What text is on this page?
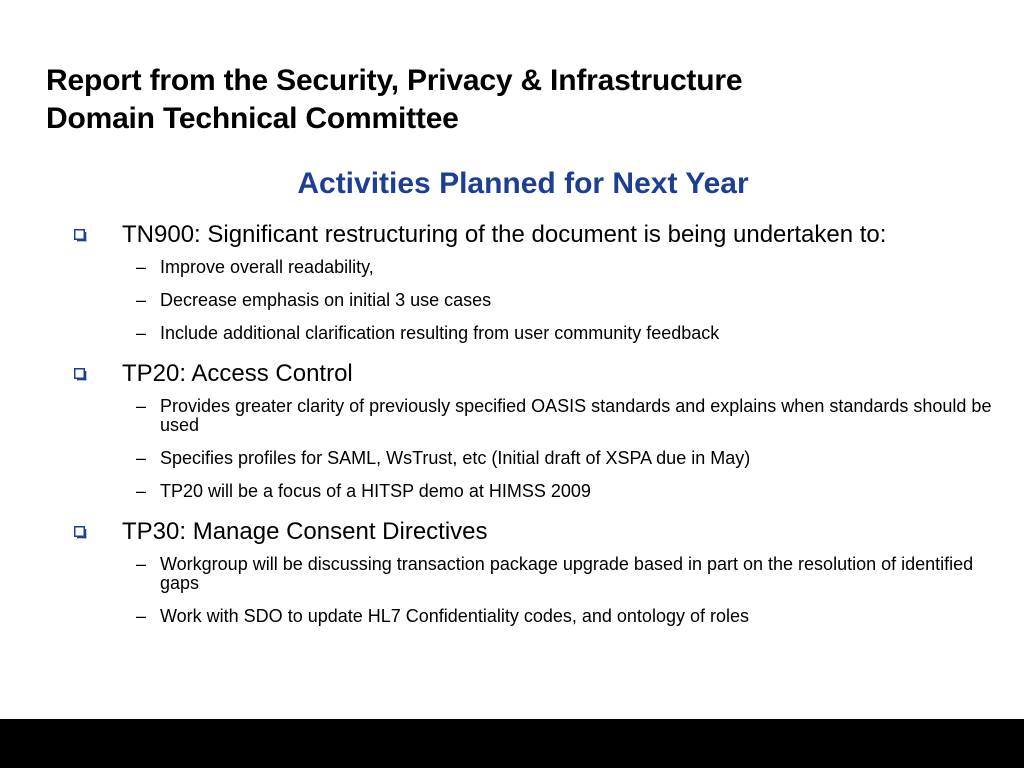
Report from the Security, Privacy & Infrastructure
Domain Technical Committee
Activities Planned for Next Year
TN900: Significant restructuring of the document is being undertaken to:
– Improve overall readability,
– Decrease emphasis on initial 3 use cases
– Include additional clarification resulting from user community feedback
TP20: Access Control
– Provides greater clarity of previously specified OASIS standards and explains when standards should be used
– Specifies profiles for SAML, WsTrust, etc (Initial draft of XSPA due in May)
– TP20 will be a focus of a HITSP demo at HIMSS 2009
TP30: Manage Consent Directives
– Workgroup will be discussing transaction package upgrade based in part on the resolution of identified gaps
– Work with SDO to update HL7 Confidentiality codes, and ontology of roles
